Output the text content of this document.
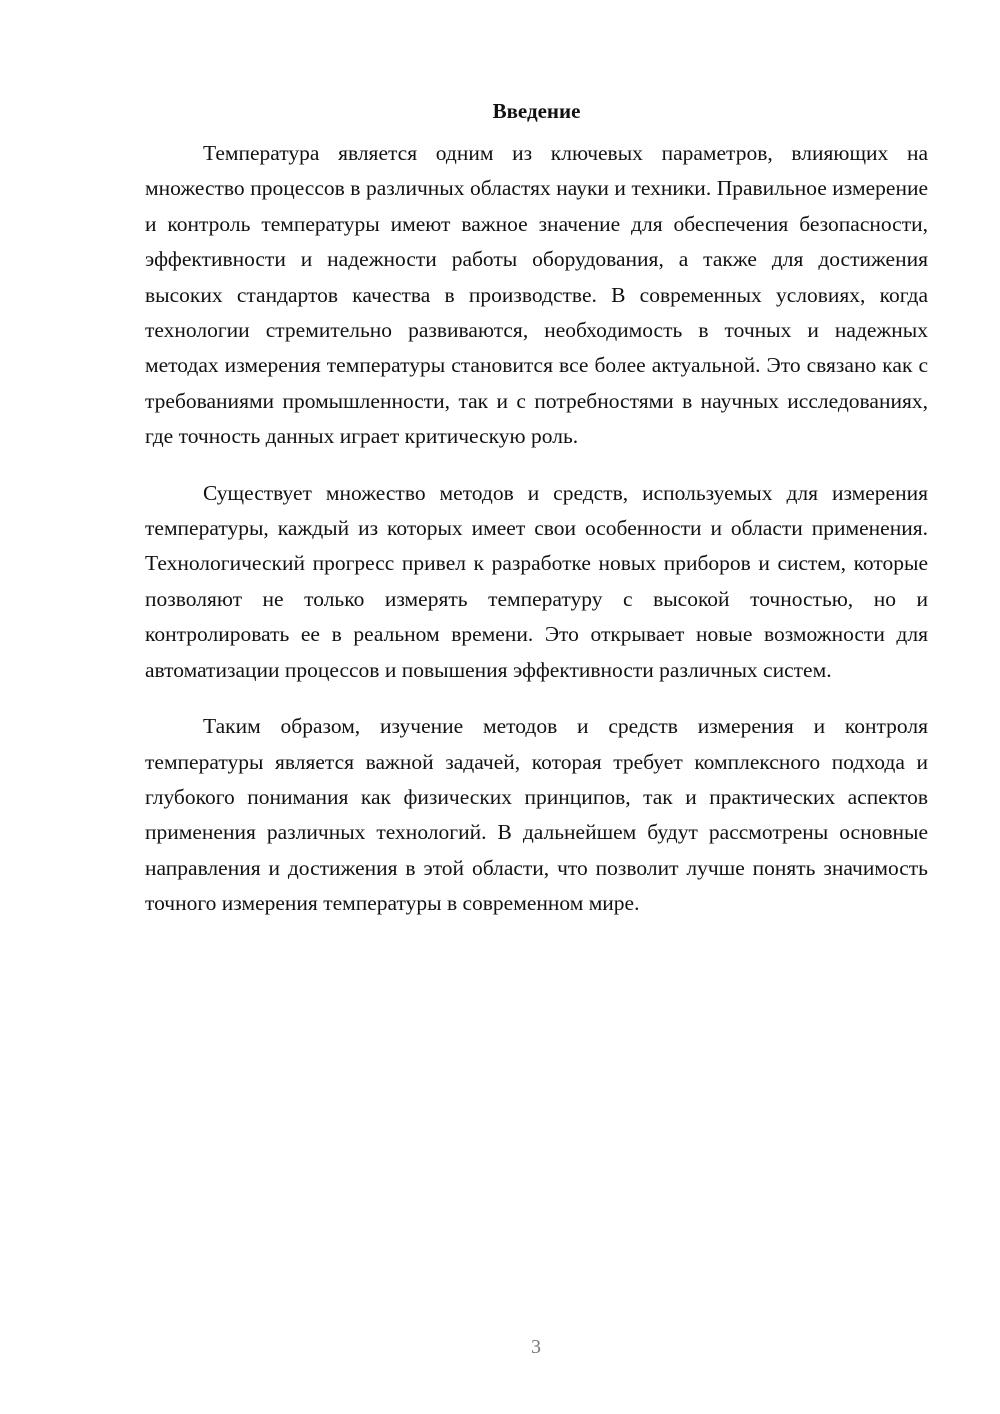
Введение

Температура является одним из ключевых параметров, влияющих на множество процессов в различных областях науки и техники. Правильное измерение и контроль температуры имеют важное значение для обеспечения безопасности, эффективности и надежности работы оборудования, а также для достижения высоких стандартов качества в производстве. В современных условиях, когда технологии стремительно развиваются, необходимость в точных и надежных методах измерения температуры становится все более актуальной. Это связано как с требованиями промышленности, так и с потребностями в научных исследованиях, где точность данных играет критическую роль.

Существует множество методов и средств, используемых для измерения температуры, каждый из которых имеет свои особенности и области применения. Технологический прогресс привел к разработке новых приборов и систем, которые позволяют не только измерять температуру с высокой точностью, но и контролировать ее в реальном времени. Это открывает новые возможности для автоматизации процессов и повышения эффективности различных систем.

Таким образом, изучение методов и средств измерения и контроля температуры является важной задачей, которая требует комплексного подхода и глубокого понимания как физических принципов, так и практических аспектов применения различных технологий. В дальнейшем будут рассмотрены основные направления и достижения в этой области, что позволит лучше понять значимость точного измерения температуры в современном мире.

3
